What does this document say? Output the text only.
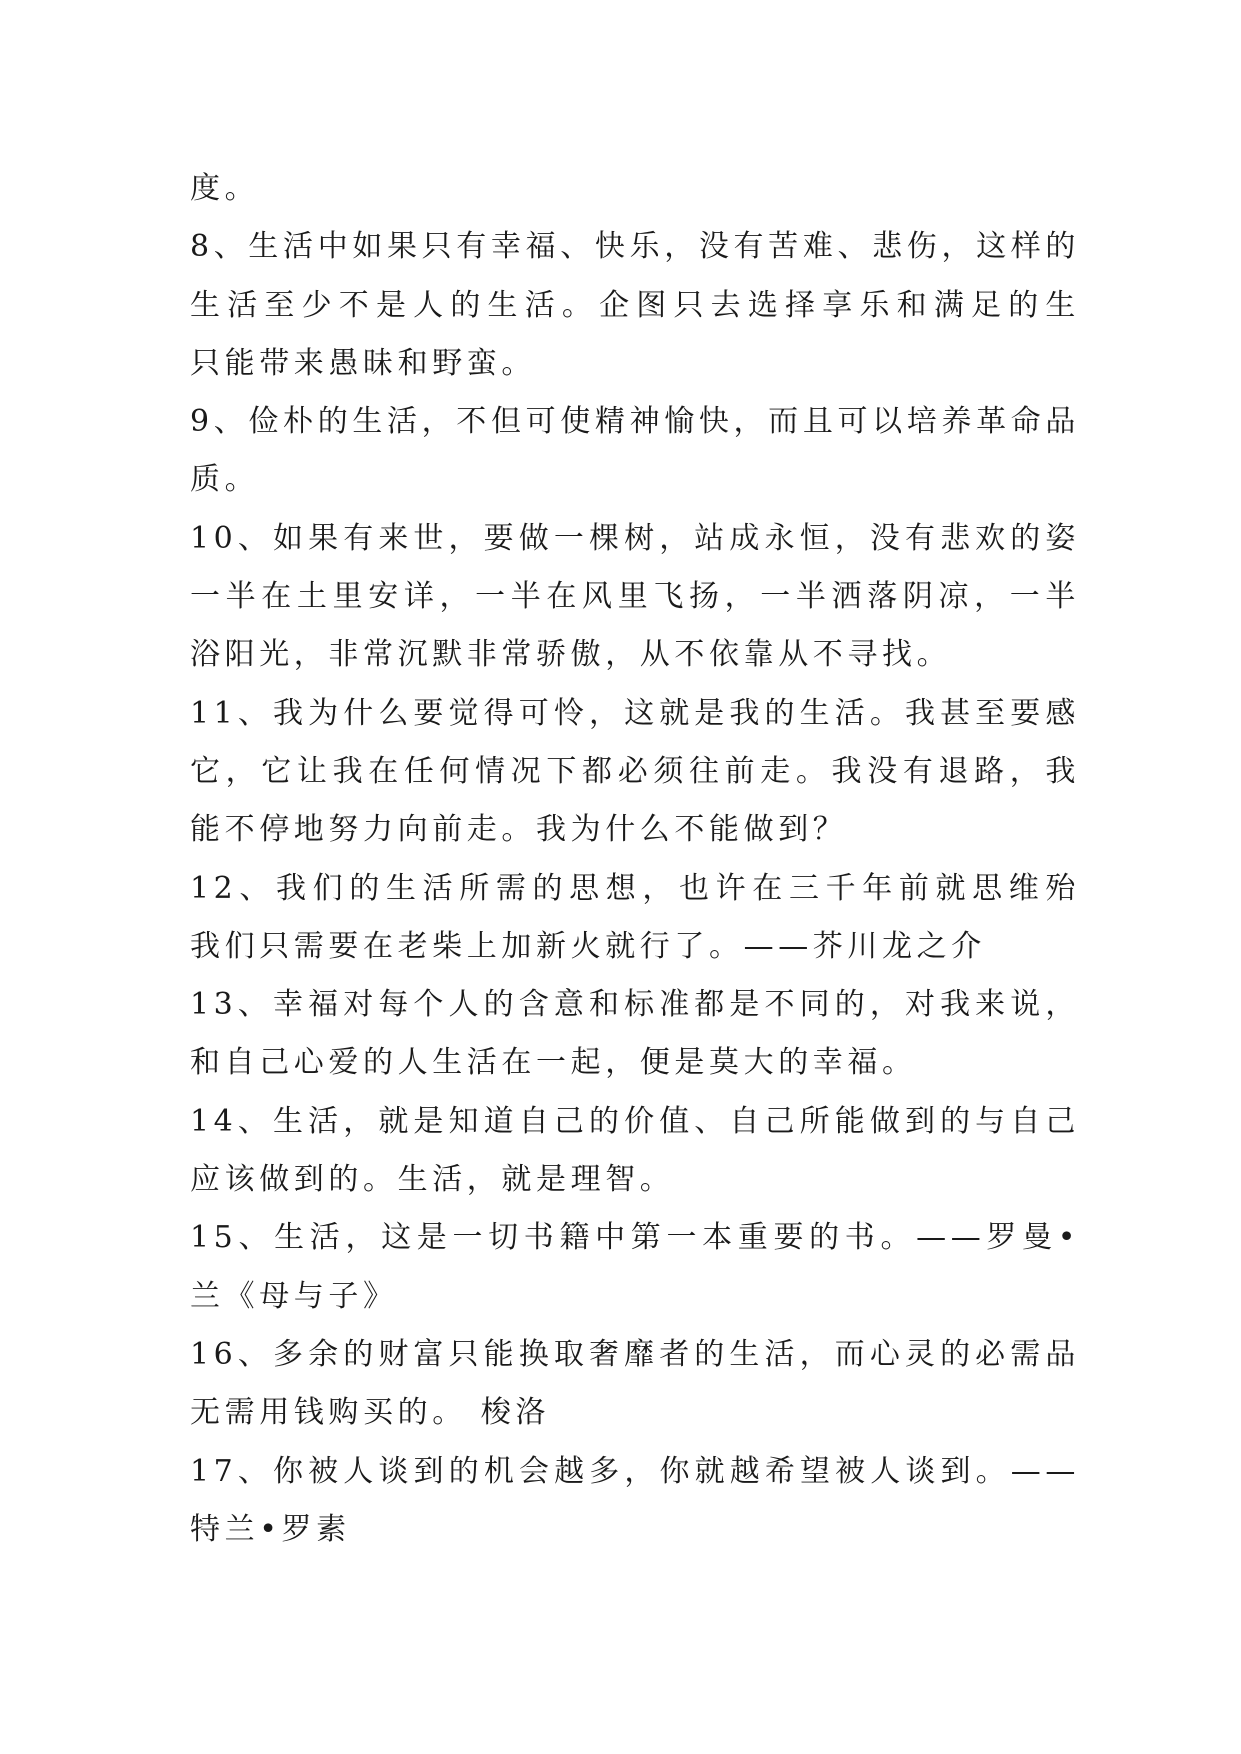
度。
8、生活中如果只有幸福、快乐，没有苦难、悲伤，这样的
生活至少不是人的生活。企图只去选择享乐和满足的生
只能带来愚昧和野蛮。
9、俭朴的生活，不但可使精神愉快，而且可以培养革命品
质。
10、如果有来世，要做一棵树，站成永恒，没有悲欢的姿
一半在土里安详，一半在风里飞扬，一半洒落阴凉，一半
浴阳光，非常沉默非常骄傲，从不依靠从不寻找。
11、我为什么要觉得可怜，这就是我的生活。我甚至要感
它，它让我在任何情况下都必须往前走。我没有退路，我
能不停地努力向前走。我为什么不能做到？
12、我们的生活所需的思想，也许在三千年前就思维殆
我们只需要在老柴上加新火就行了。——芥川龙之介
13、幸福对每个人的含意和标准都是不同的，对我来说，
和自己心爱的人生活在一起，便是莫大的幸福。
14、生活，就是知道自己的价值、自己所能做到的与自己
应该做到的。生活，就是理智。
15、生活，这是一切书籍中第一本重要的书。——罗曼•
兰《母与子》
16、多余的财富只能换取奢靡者的生活，而心灵的必需品
无需用钱购买的。 梭洛
17、你被人谈到的机会越多，你就越希望被人谈到。——
特兰•罗素
